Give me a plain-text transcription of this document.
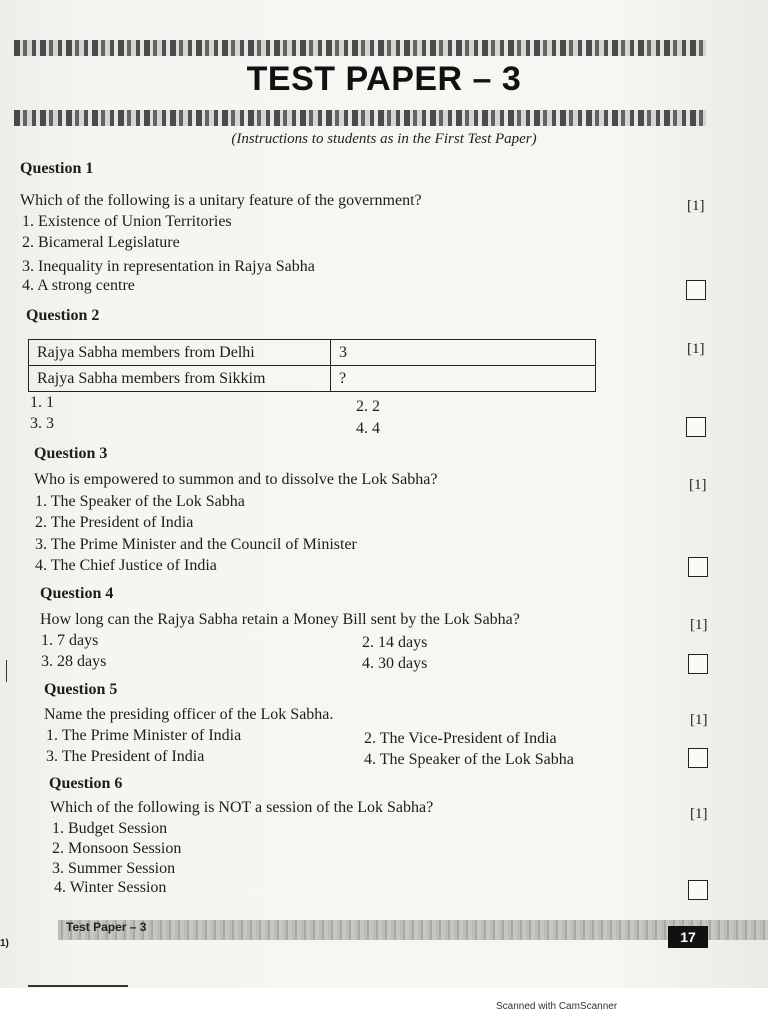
TEST PAPER – 3
(Instructions to students as in the First Test Paper)
Question 1
Which of the following is a unitary feature of the government?	[1]
1. Existence of Union Territories
2. Bicameral Legislature
3. Inequality in representation in Rajya Sabha
4. A strong centre
Question 2
Rajya Sabha members from Delhi	3
Rajya Sabha members from Sikkim	?
[1]
1. 1	2. 2
3. 3	4. 4
Question 3
Who is empowered to summon and to dissolve the Lok Sabha?	[1]
1. The Speaker of the Lok Sabha
2. The President of India
3. The Prime Minister and the Council of Minister
4. The Chief Justice of India
Question 4
How long can the Rajya Sabha retain a Money Bill sent by the Lok Sabha?	[1]
1. 7 days	2. 14 days
3. 28 days	4. 30 days
Question 5
Name the presiding officer of the Lok Sabha.	[1]
1. The Prime Minister of India	2. The Vice-President of India
3. The President of India	4. The Speaker of the Lok Sabha
Question 6
Which of the following is NOT a session of the Lok Sabha?	[1]
1. Budget Session
2. Monsoon Session
3. Summer Session
4. Winter Session
Test Paper – 3
17
1)
Scanned with CamScanner
